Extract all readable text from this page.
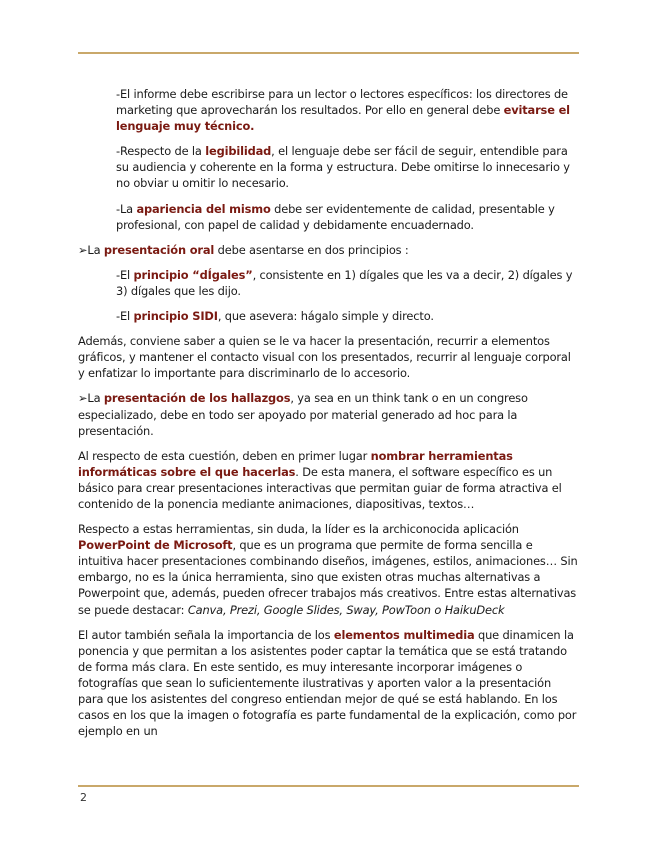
-El informe debe escribirse para un lector o lectores específicos: los directores de marketing que aprovecharán los resultados. Por ello en general debe evitarse el lenguaje muy técnico.

-Respecto de la legibilidad, el lenguaje debe ser fácil de seguir, entendible para su audiencia y coherente en la forma y estructura. Debe omitirse lo innecesario y no obviar u omitir lo necesario.

-La apariencia del mismo debe ser evidentemente de calidad, presentable y profesional, con papel de calidad y debidamente encuadernado.

➢La presentación oral debe asentarse en dos principios :

-El principio “dÍgales”, consistente en 1) dígales que les va a decir, 2) dígales y 3) dígales que les dijo.

-El principio SIDI, que asevera: hágalo simple y directo.

Además, conviene saber a quien se le va hacer la presentación, recurrir a elementos gráficos, y mantener el contacto visual con los presentados, recurrir al lenguaje corporal y enfatizar lo importante para discriminarlo de lo accesorio.

➢La presentación de los hallazgos, ya sea en un think tank o en un congreso especializado, debe en todo ser apoyado por material generado ad hoc para la presentación.

Al respecto de esta cuestión, deben en primer lugar nombrar herramientas informáticas sobre el que hacerlas. De esta manera, el software específico es un básico para crear presentaciones interactivas que permitan guiar de forma atractiva el contenido de la ponencia mediante animaciones, diapositivas, textos…

Respecto a estas herramientas, sin duda, la líder es la archiconocida aplicación PowerPoint de Microsoft, que es un programa que permite de forma sencilla e intuitiva hacer presentaciones combinando diseños, imágenes, estilos, animaciones… Sin embargo, no es la única herramienta, sino que existen otras muchas alternativas a Powerpoint que, además, pueden ofrecer trabajos más creativos. Entre estas alternativas se puede destacar: Canva, Prezi, Google Slides, Sway, PowToon o HaikuDeck

El autor también señala la importancia de los elementos multimedia que dinamicen la ponencia y que permitan a los asistentes poder captar la temática que se está tratando de forma más clara. En este sentido, es muy interesante incorporar imágenes o fotografías que sean lo suficientemente ilustrativas y aporten valor a la presentación para que los asistentes del congreso entiendan mejor de qué se está hablando. En los casos en los que la imagen o fotografía es parte fundamental de la explicación, como por ejemplo en un

2
